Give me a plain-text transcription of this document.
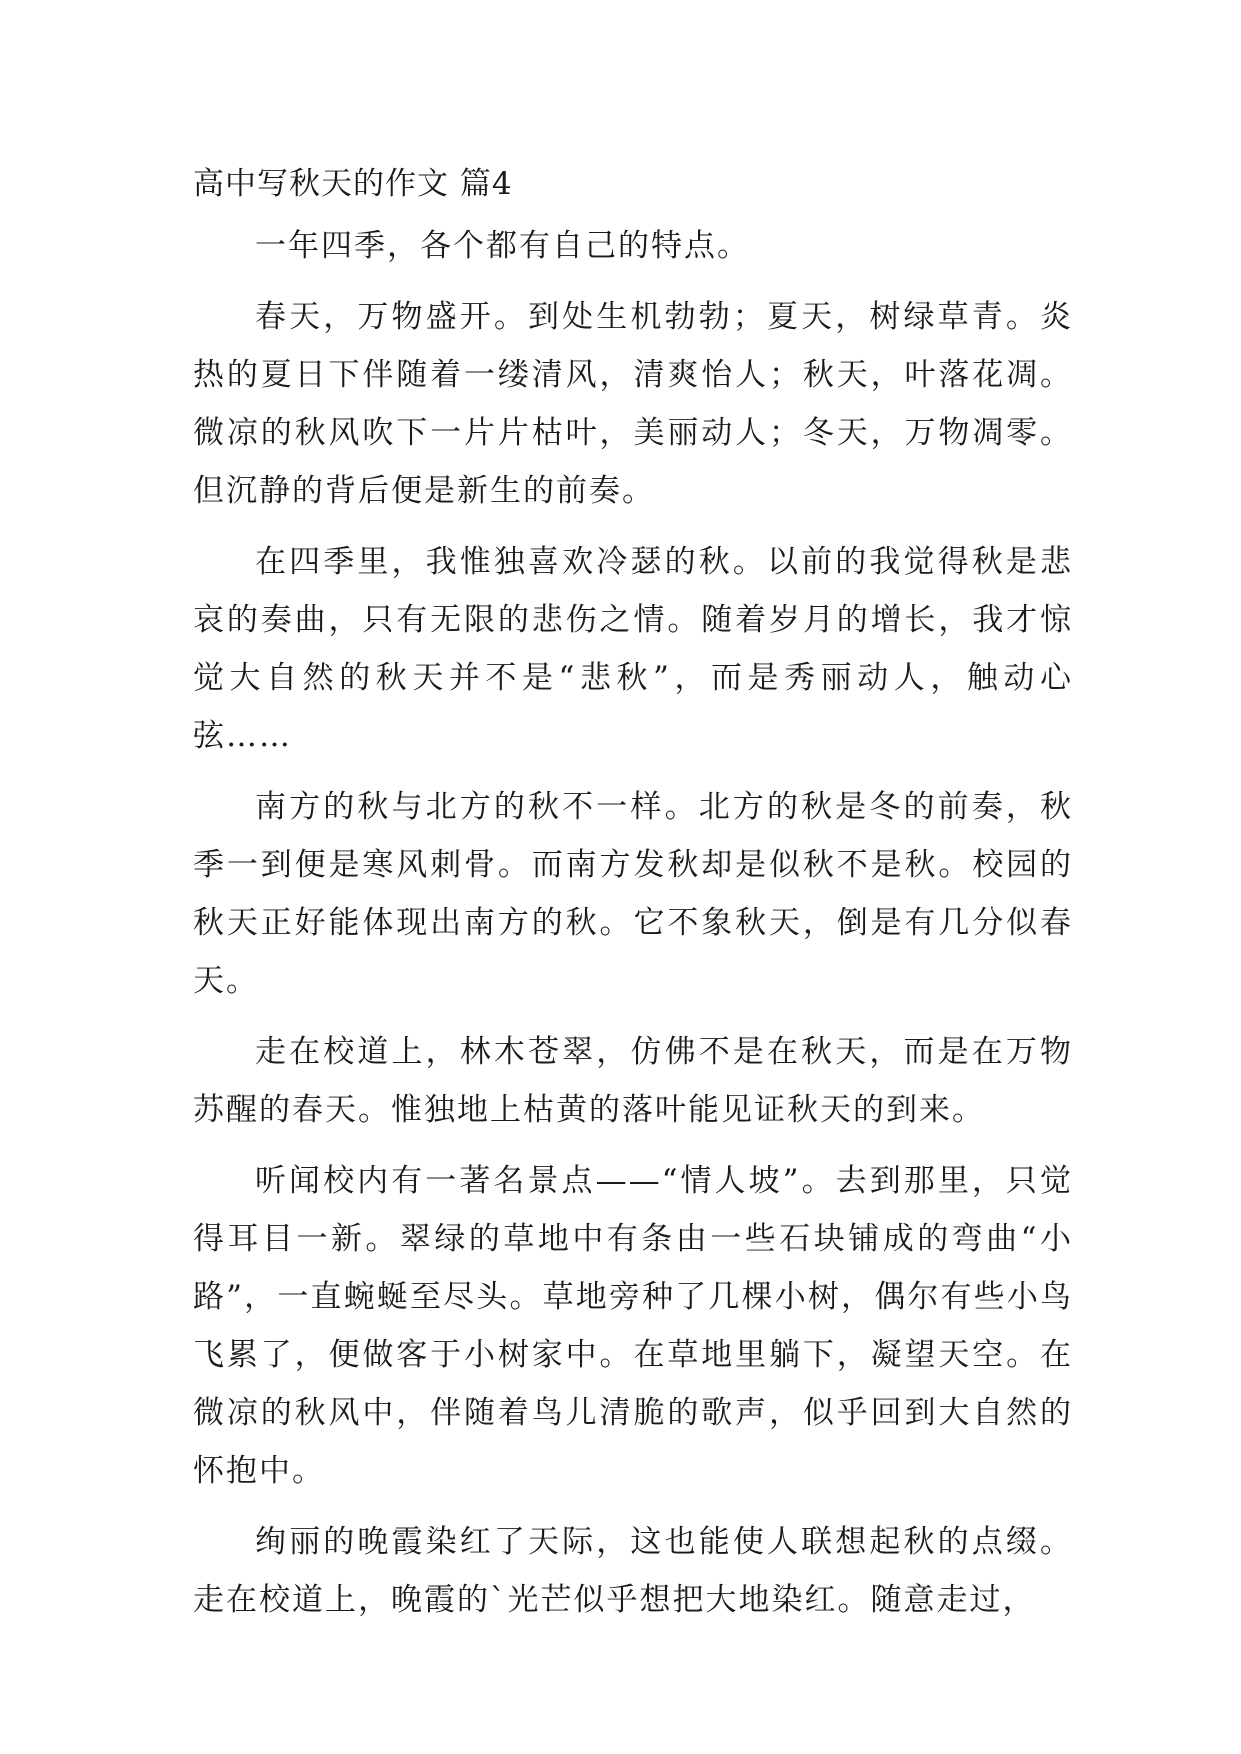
高中写秋天的作文 篇4

一年四季，各个都有自己的特点。

春天，万物盛开。到处生机勃勃；夏天，树绿草青。炎热的夏日下伴随着一缕清风，清爽怡人；秋天，叶落花凋。微凉的秋风吹下一片片枯叶，美丽动人；冬天，万物凋零。但沉静的背后便是新生的前奏。

在四季里，我惟独喜欢冷瑟的秋。以前的我觉得秋是悲哀的奏曲，只有无限的悲伤之情。随着岁月的增长，我才惊觉大自然的秋天并不是“悲秋”，而是秀丽动人，触动心弦……

南方的秋与北方的秋不一样。北方的秋是冬的前奏，秋季一到便是寒风刺骨。而南方发秋却是似秋不是秋。校园的秋天正好能体现出南方的秋。它不象秋天，倒是有几分似春天。

走在校道上，林木苍翠，仿佛不是在秋天，而是在万物苏醒的春天。惟独地上枯黄的落叶能见证秋天的到来。

听闻校内有一著名景点——“情人坡”。去到那里，只觉得耳目一新。翠绿的草地中有条由一些石块铺成的弯曲“小路”，一直蜿蜒至尽头。草地旁种了几棵小树，偶尔有些小鸟飞累了，便做客于小树家中。在草地里躺下，凝望天空。在微凉的秋风中，伴随着鸟儿清脆的歌声，似乎回到大自然的怀抱中。

绚丽的晚霞染红了天际，这也能使人联想起秋的点缀。走在校道上，晚霞的`光芒似乎想把大地染红。随意走过，
